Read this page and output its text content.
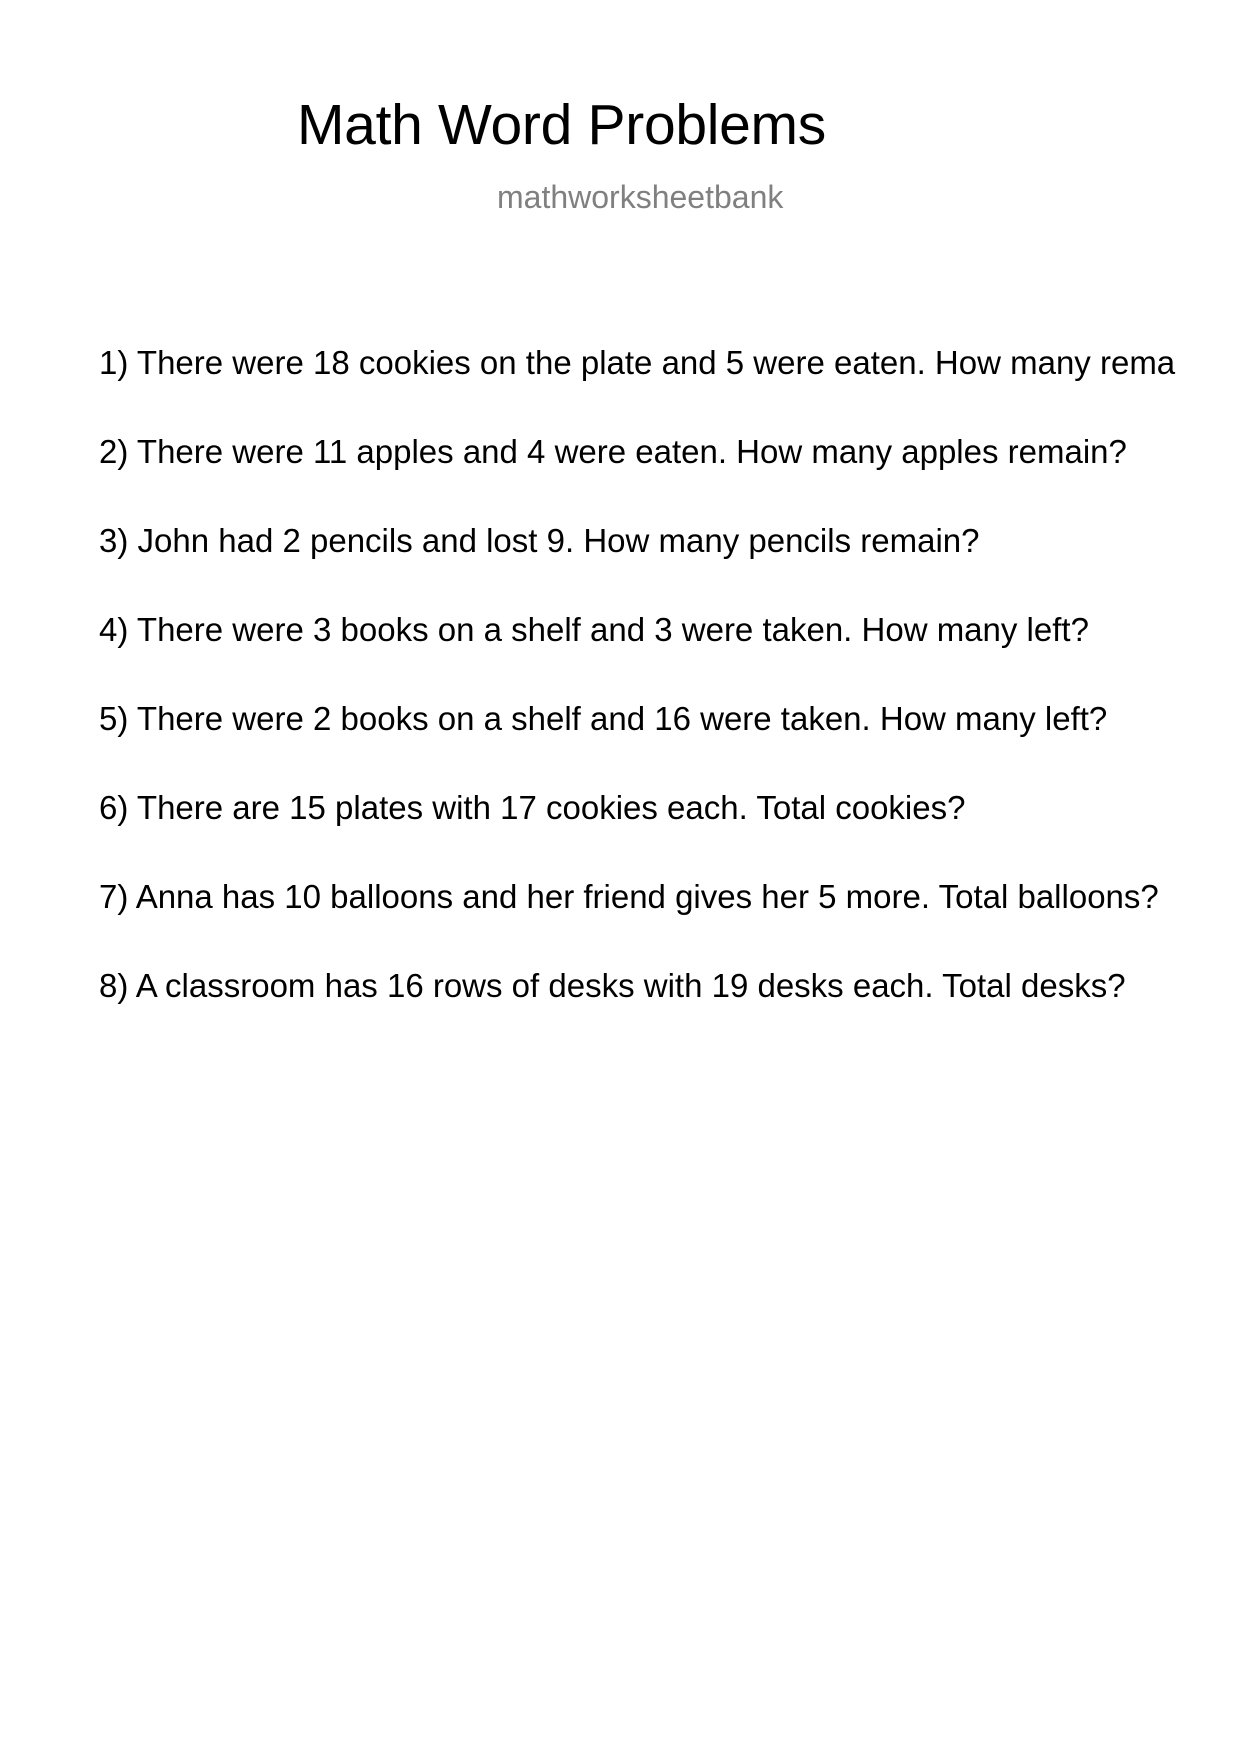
Math Word Problems
mathworksheetbank
1) There were 18 cookies on the plate and 5 were eaten. How many rema
2) There were 11 apples and 4 were eaten. How many apples remain?
3) John had 2 pencils and lost 9. How many pencils remain?
4) There were 3 books on a shelf and 3 were taken. How many left?
5) There were 2 books on a shelf and 16 were taken. How many left?
6) There are 15 plates with 17 cookies each. Total cookies?
7) Anna has 10 balloons and her friend gives her 5 more. Total balloons?
8) A classroom has 16 rows of desks with 19 desks each. Total desks?
